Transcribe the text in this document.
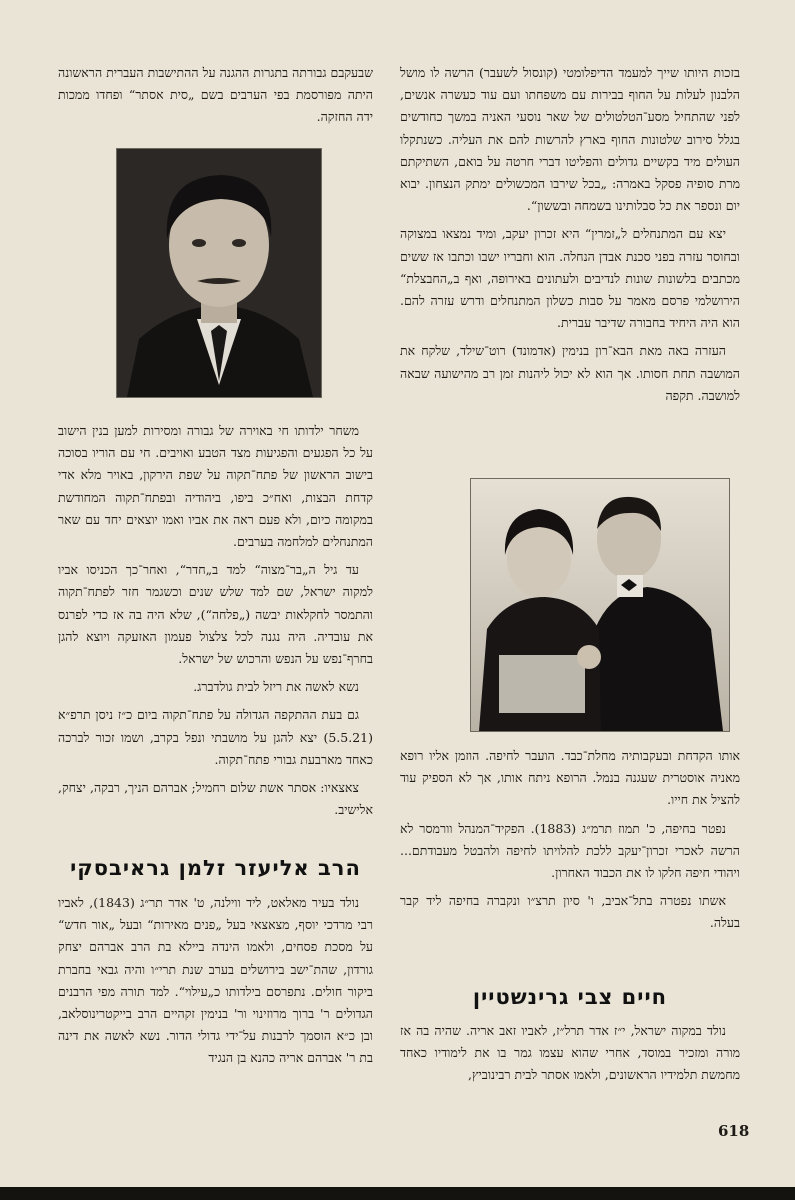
בזכות היותו שייך למעמד הדיפלומטי (קונסול לשעבר) הרשה לו מושל הלבנון לעלות על החוף בבירות עם משפחתו ועם עוד כעשרה אנשים, לפני שהתחיל מסע־הטלטולים של שאר נוסעי האניה במשך כחודשים בגלל סירוב שלטונות החוף בארץ להרשות להם את העליה. כשנתקלו העולים מיד בקשיים גדולים והפליטו דברי חרטה על בואם, השתיקתם מרת סופיה פסקל באמרה: „בכל שירבו המכשולים ימתק הנצחון. יבוא יום ונספר את כל סבלותינו בשמחה ובששון“.

יצא עם המתנחלים ל„זמרין“ היא זכרון יעקב, ומיד נמצאו במצוקה ובחוסר עזרה בפני סכנת אבדן הנחלה. הוא וחבריו ישבו וכתבו אז ששים מכתבים בלשונות שונות לנדיבים ולעתונים באירופה, ואף ב„החבצלת“ הירושלמי פרסם מאמר על סבות כשלון המתנחלים ודרש עזרה להם. הוא היה היחיד בחבורה שדיבר עברית.

העזרה באה מאת הבא־רון בנימין (אדמונד) רוט־שילד, שלקח את המושבה תחת חסותו. אך הוא לא יכול ליהנות זמן רב מהישועה שבאה למושבה. תקפה

אותו הקדחת ובעקבותיה מחלת־כבד. הועבר לחיפה. הוזמן אליו רופא מאניה אוסטרית שעגנה בנמל. הרופא ניתח אותו, אך לא הספיק עוד להציל את חייו.

נפטר בחיפה, כ' תמוז תרמ״ג (1883). הפקיד־המנהל וורמסר לא הרשה לאכרי זכרון־יעקב ללכת להלויתו לחיפה ולהבטל מעבודתם... ויהודי חיפה חלקו לו את הכבוד האחרון.

אשתו נפטרה בתל־אביב, ו' סיון תרצ״ו ונקברה בחיפה ליד קבר בעלה.

חיים צבי גרינשטיין

נולד במקוה ישראל, י״ז אדר תרל״ז, לאביו זאב אריה. שהיה בה אז מורה ומזכיר במוסד, אחרי שהוא עצמו גמר בו את לימודיו כאחד מחמשת תלמידיו הראשונים, ולאמו אסתר לבית רבינוביץ,

שבעקבם גבורתה בתגרות ההגנה על ההתישבות העברית הראשונה היתה מפורסמת בפי הערבים בשם „סית אסתר“ ופחדו ממכות ידה החזקה.

משחר ילדותו חי באוירה של גבורה ומסירות למען בנין הישוב על כל הפגעים והפגיעות מצד הטבע ואויבים. חי עם הוריו בסוכה בישוב הראשון של פתח־תקוה על שפת הירקון, באויר מלא אדי קדחת הבצות, ואח״כ ביפו, ביהודיה ובפתח־תקוה המחודשת במקומה כיום, ולא פעם ראה את אביו ואמו יוצאים יחד עם שאר המתנחלים למלחמה בערבים.

עד גיל ה„בר־מצוה“ למד ב„חדר“, ואחר־כך הכניסו אביו למקוה ישראל, שם למד שלש שנים וכשגמר חזר לפתח־תקוה והתמסר לחקלאות יבשה („פלחה“), שלא היה בה אז כדי לפרנס את עובדיה. היה נגנה לכל צלצול פעמון האזעקה ויוצא להגן בחרף־נפש על הנפש והרכוש של ישראל.

נשא לאשה את ריזל לבית גולדברג.

גם בעת ההתקפה הגדולה על פתח־תקוה ביום כ״ז ניסן תרפ״א (5.5.21) יצא להגן על מושבתי ונפל בקרב, ושמו זכור לברכה כאחד מארבעת גבורי פתח־תקוה.

צאצאיו: אסתר אשת שלום רחמיל; אברהם הניך, רבקה, יצחק, אלישיב.

הרב אליעזר זלמן גראיבסקי

נולד בעיר מאלאט, ליד ווילנה, ט' אדר תר״ג (1843), לאביו רבי מרדכי יוסף, מצאצאי בעל „פנים מאירות“ ובעל „אור חדש“ על מסכת פסחים, ולאמו הינדה ביילא בת הרב אברהם יצחק גורדון, שהת־ישב בירושלים בערב שנת תרי״ו והיה גבאי בחברת ביקור חולים. נתפרסם בילדותו כ„עילוי“. למד תורה מפי הרבנים הגדולים ר' ברוך מרוזינוי ור' בנימין זקהיים הרב בייקטרינוסלאב, ובן כ״א הוסמך לרבנות על־ידי גדולי הדור. נשא לאשה את דינה בת ר' אברהם אריה כהנא בן הנגיד

618
